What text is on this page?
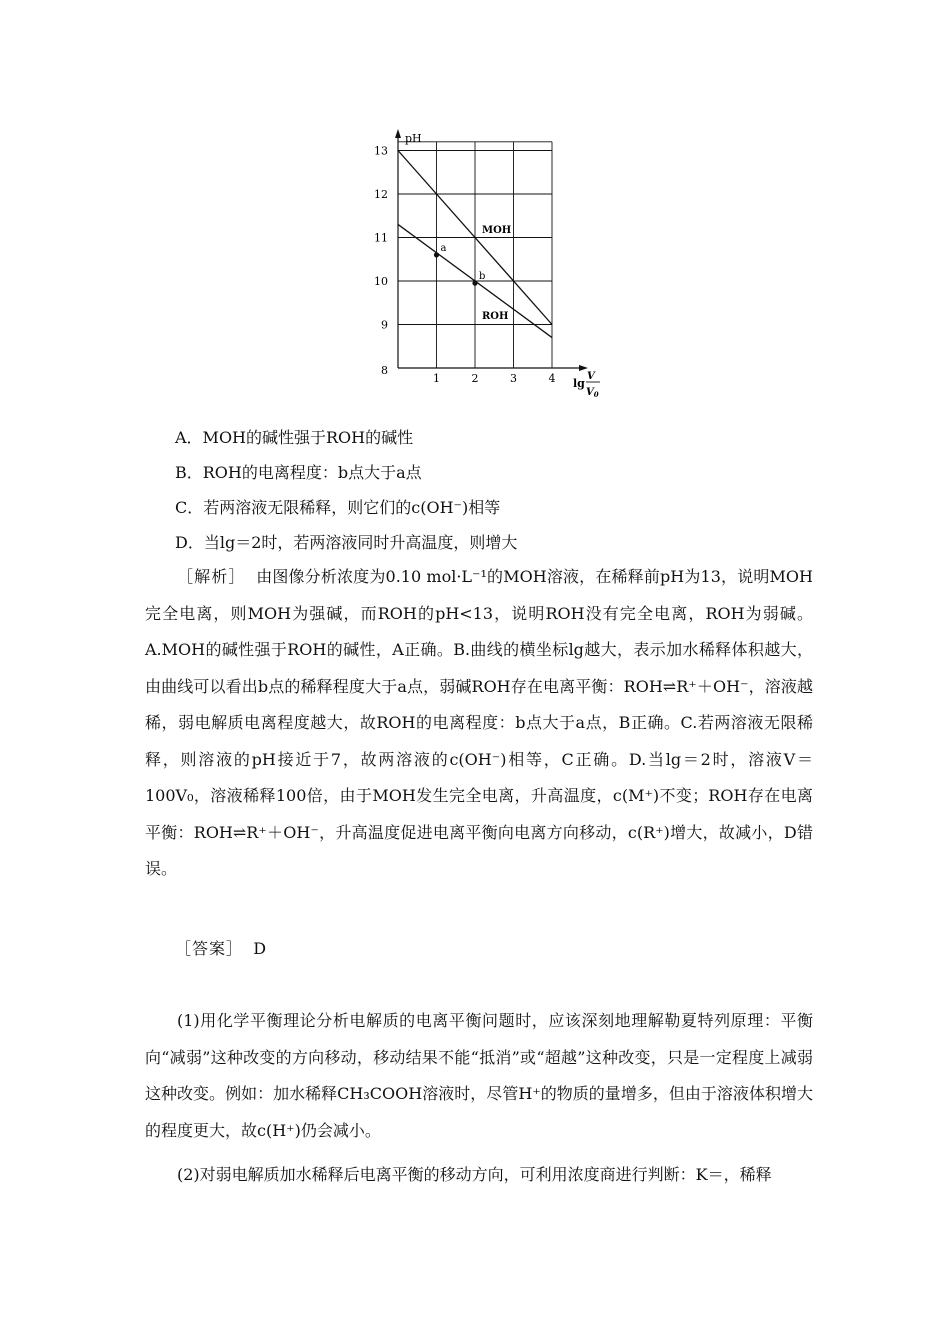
MOH
ROH
1	2	3	4
8
9
10
11
12
13
a
b
pH
lg
V
$V_0$
A．MOH的碱性强于ROH的碱性
B．ROH的电离程度：b点大于a点
C．若两溶液无限稀释，则它们的c(OH⁻)相等
D．当lg＝2时，若两溶液同时升高温度，则增大

［解析］ 由图像分析浓度为0.10 mol·L⁻¹的MOH溶液，在稀释前pH为13，说明MOH完全电离，则MOH为强碱，而ROH的pH<13，说明ROH没有完全电离，ROH为弱碱。A.MOH的碱性强于ROH的碱性，A正确。B.曲线的横坐标lg越大，表示加水稀释体积越大，由曲线可以看出b点的稀释程度大于a点，弱碱ROH存在电离平衡：ROH⇌R⁺＋OH⁻，溶液越稀，弱电解质电离程度越大，故ROH的电离程度：b点大于a点，B正确。C.若两溶液无限稀释，则溶液的pH接近于7，故两溶液的c(OH⁻)相等，C正确。D.当lg＝2时，溶液V＝100V₀，溶液稀释100倍，由于MOH发生完全电离，升高温度，c(M⁺)不变；ROH存在电离平衡：ROH⇌R⁺＋OH⁻，升高温度促进电离平衡向电离方向移动，c(R⁺)增大，故减小，D错误。

［答案］ D

(1)用化学平衡理论分析电解质的电离平衡问题时，应该深刻地理解勒夏特列原理：平衡向“减弱”这种改变的方向移动，移动结果不能“抵消”或“超越”这种改变，只是一定程度上减弱这种改变。例如：加水稀释CH₃COOH溶液时，尽管H⁺的物质的量增多，但由于溶液体积增大的程度更大，故c(H⁺)仍会减小。

(2)对弱电解质加水稀释后电离平衡的移动方向，可利用浓度商进行判断：K＝，稀释
